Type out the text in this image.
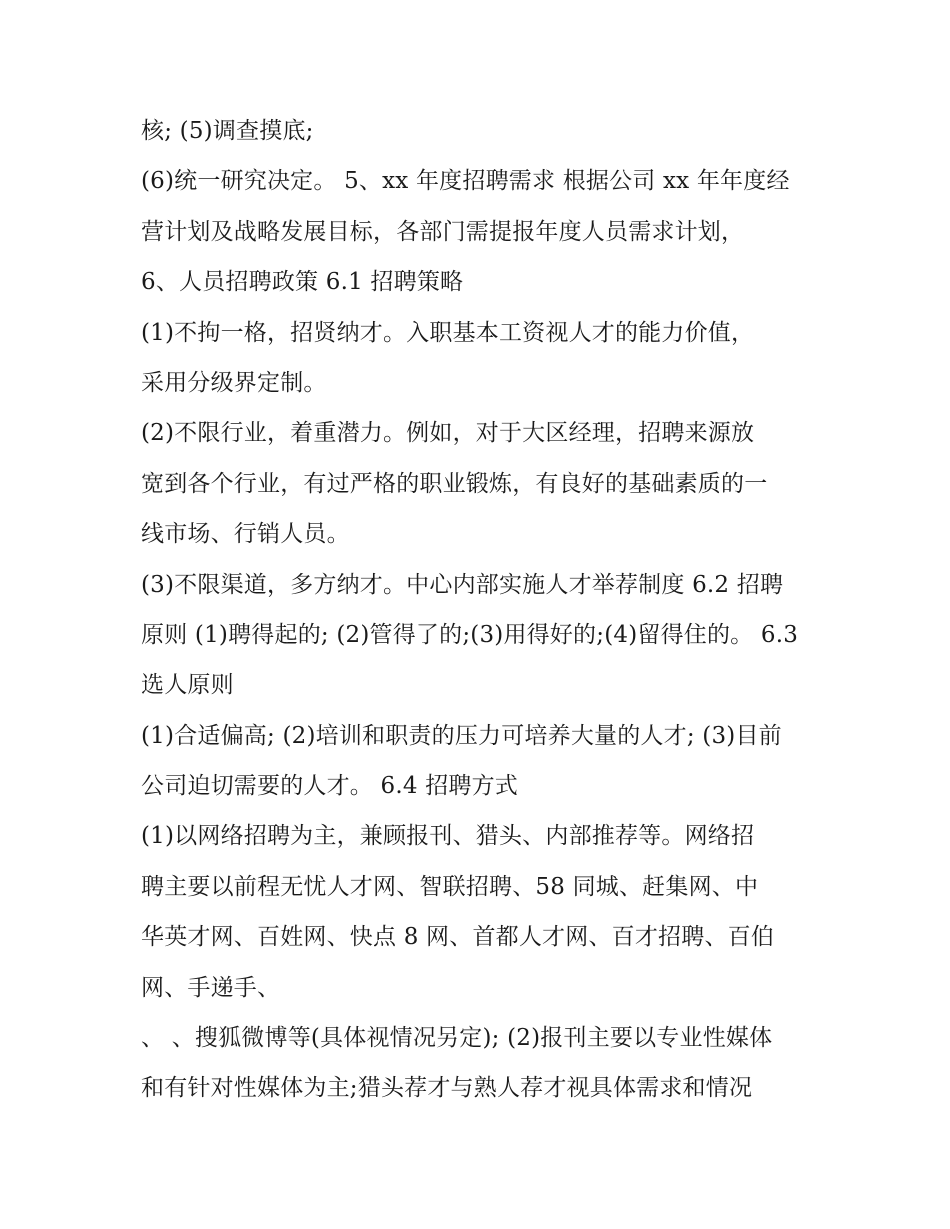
核; (5)调查摸底;
(6)统一研究决定。 5、xx 年度招聘需求 根据公司 xx 年年度经
营计划及战略发展目标，各部门需提报年度人员需求计划，
6、人员招聘政策 6.1 招聘策略
(1)不拘一格，招贤纳才。入职基本工资视人才的能力价值，
采用分级界定制。
(2)不限行业，着重潜力。例如，对于大区经理，招聘来源放
宽到各个行业，有过严格的职业锻炼，有良好的基础素质的一
线市场、行销人员。
(3)不限渠道，多方纳才。中心内部实施人才举荐制度 6.2 招聘
原则 (1)聘得起的; (2)管得了的;(3)用得好的;(4)留得住的。 6.3
选人原则
(1)合适偏高; (2)培训和职责的压力可培养大量的人才; (3)目前
公司迫切需要的人才。 6.4 招聘方式
(1)以网络招聘为主，兼顾报刊、猎头、内部推荐等。网络招
聘主要以前程无忧人才网、智联招聘、58 同城、赶集网、中
华英才网、百姓网、快点 8 网、首都人才网、百才招聘、百伯
网、手递手、
、 、搜狐微博等(具体视情况另定); (2)报刊主要以专业性媒体
和有针对性媒体为主;猎头荐才与熟人荐才视具体需求和情况
